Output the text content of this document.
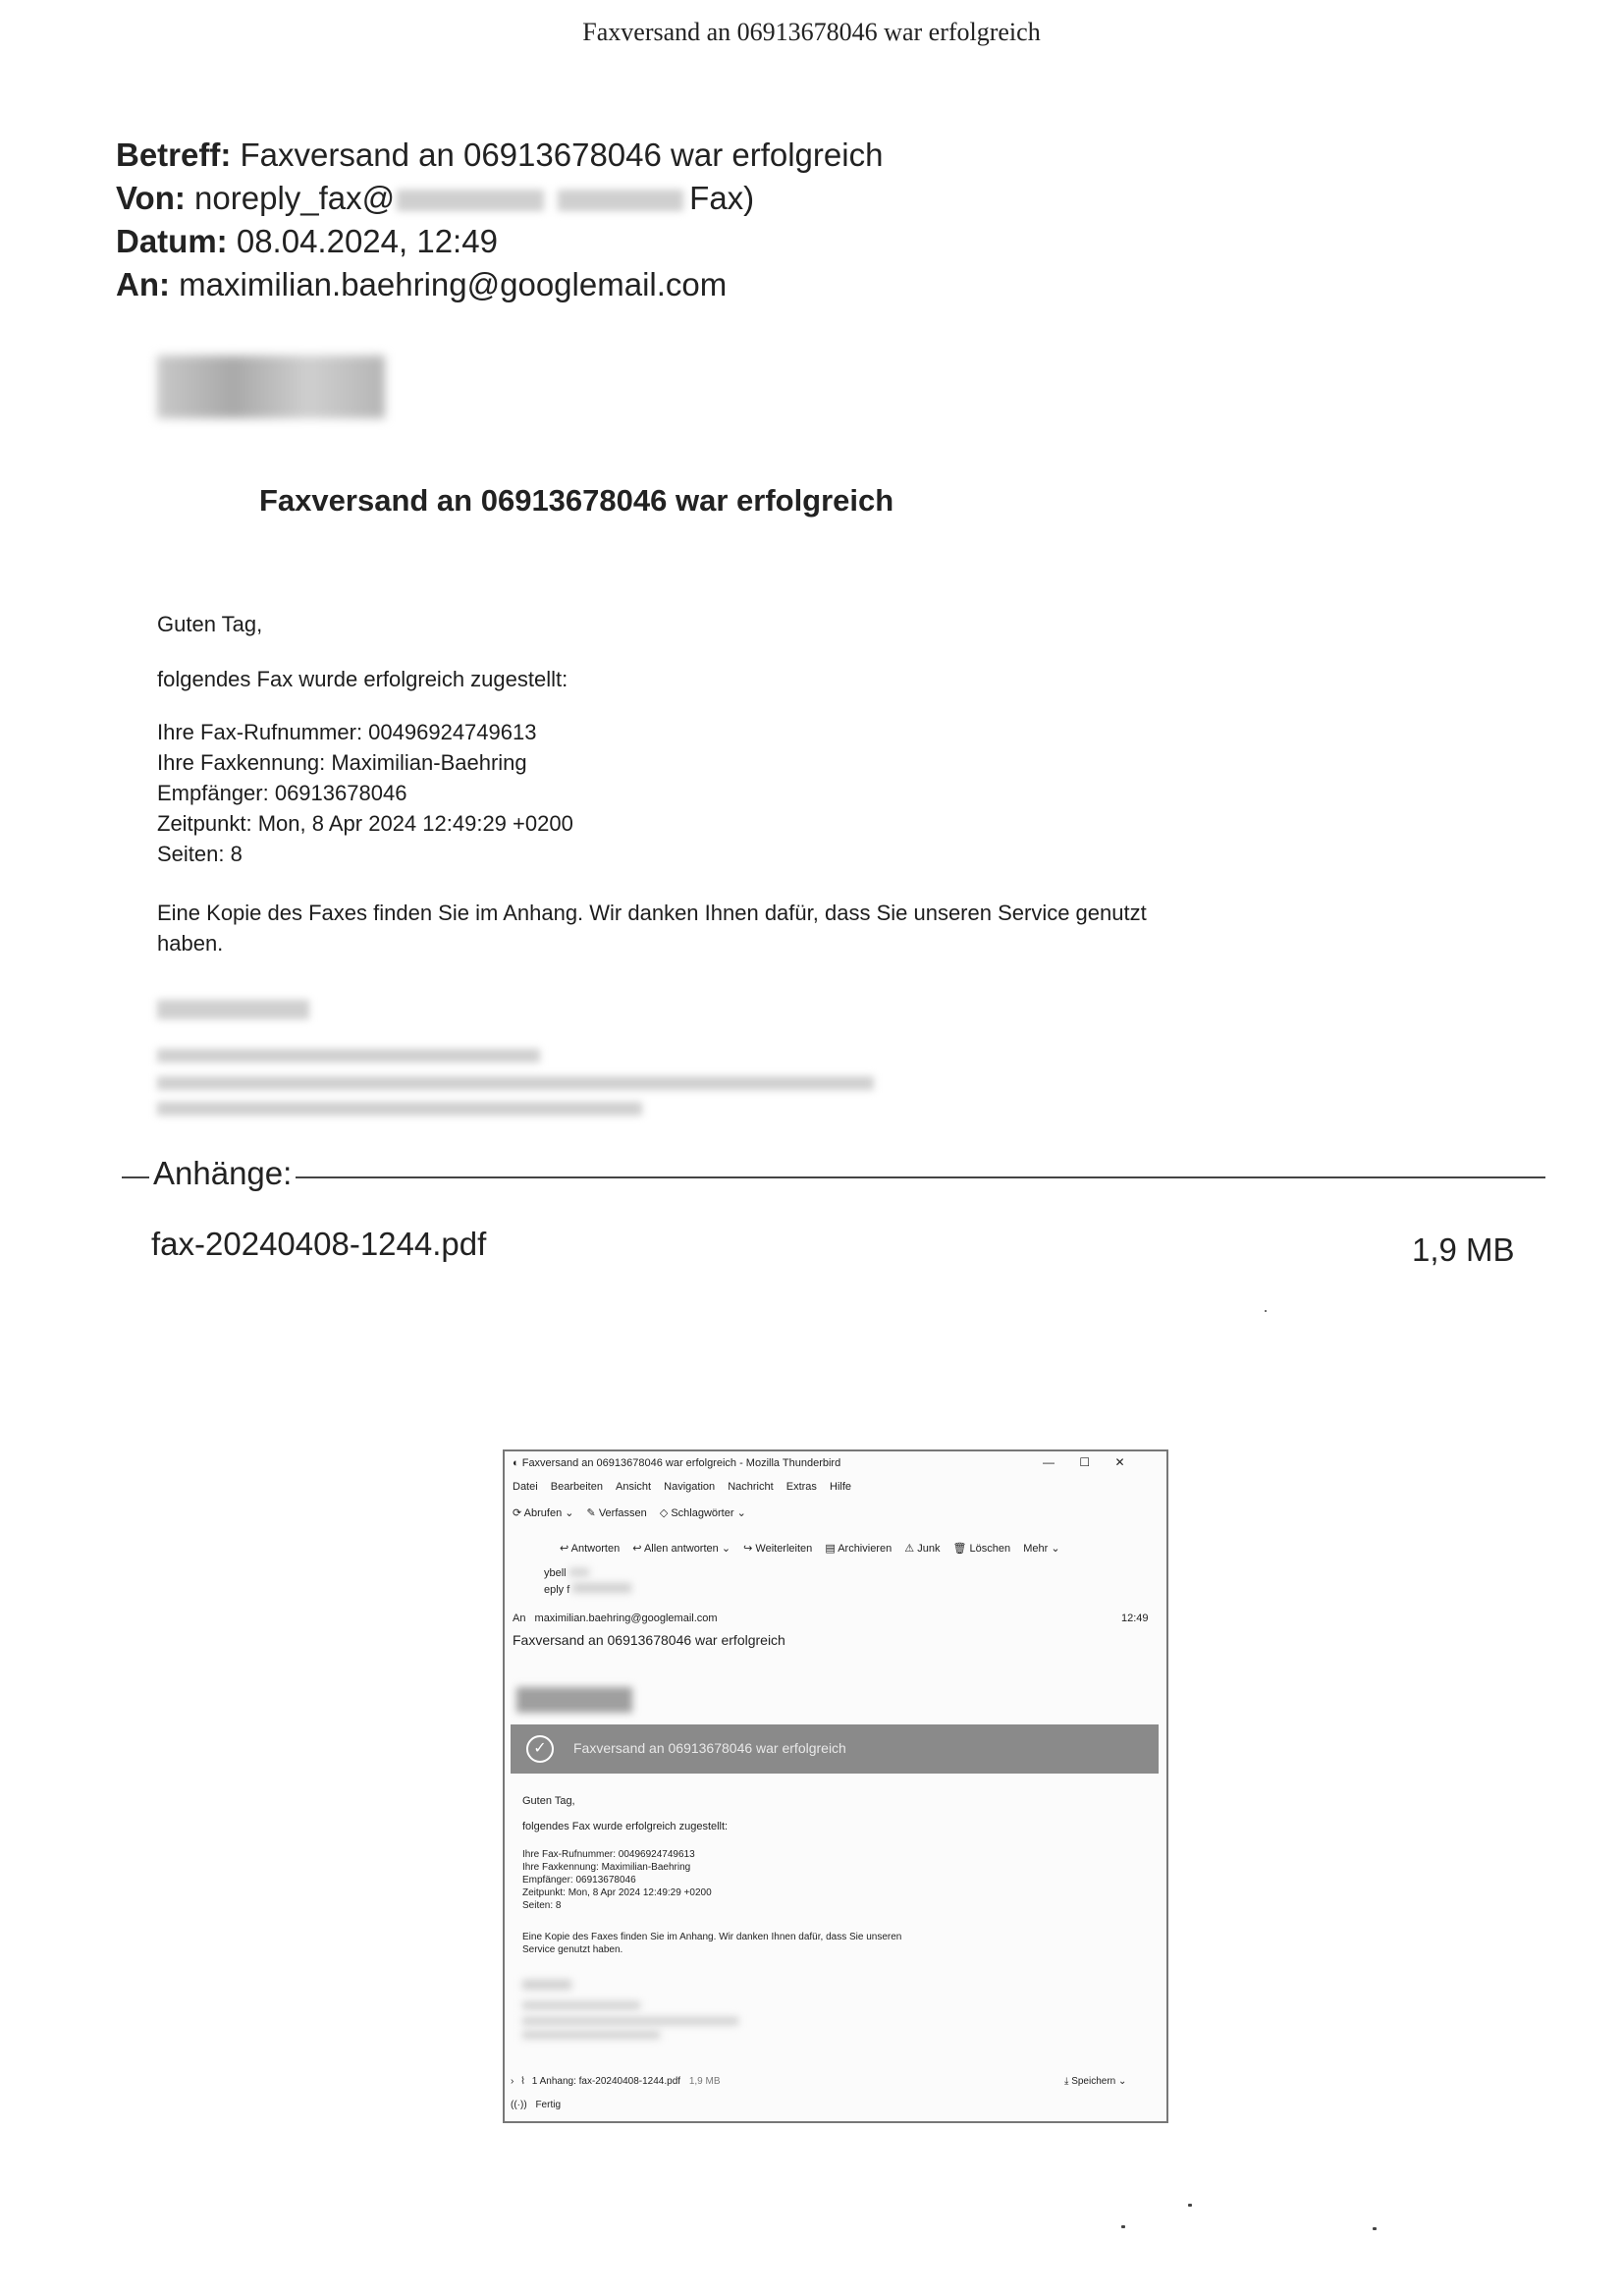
Faxversand an 06913678046 war erfolgreich
Betreff: Faxversand an 06913678046 war erfolgreich
Von: noreply_fax@	Fax)
Datum: 08.04.2024, 12:49
An: maximilian.baehring@googlemail.com
Faxversand an 06913678046 war erfolgreich
Guten Tag,
folgendes Fax wurde erfolgreich zugestellt:
Ihre Fax-Rufnummer: 00496924749613
Ihre Faxkennung: Maximilian-Baehring
Empfänger: 06913678046
Zeitpunkt: Mon, 8 Apr 2024 12:49:29 +0200
Seiten: 8
Eine Kopie des Faxes finden Sie im Anhang. Wir danken Ihnen dafür, dass Sie unseren Service genutzt
haben.
Anhänge:
fax-20240408-1244.pdf	1,9 MB
◐ Faxversand an 06913678046 war erfolgreich - Mozilla Thunderbird	— ☐ ✕
Datei Bearbeiten Ansicht Navigation Nachricht Extras Hilfe
⟳ Abrufen ⌄ ✎ Verfassen ◇ Schlagwörter ⌄
↩ Antworten ↩ Allen antworten ⌄ ↪ Weiterleiten ▤ Archivieren ⚠ Junk 🗑 Löschen Mehr ⌄
ybell
eply f
An maximilian.baehring@googlemail.com	12:49
Faxversand an 06913678046 war erfolgreich
✓	Faxversand an 06913678046 war erfolgreich
Guten Tag,
folgendes Fax wurde erfolgreich zugestellt:
Ihre Fax-Rufnummer: 00496924749613
Ihre Faxkennung: Maximilian-Baehring
Empfänger: 06913678046
Zeitpunkt: Mon, 8 Apr 2024 12:49:29 +0200
Seiten: 8
Eine Kopie des Faxes finden Sie im Anhang. Wir danken Ihnen dafür, dass Sie unseren
Service genutzt haben.
› ⌇ 1 Anhang: fax-20240408-1244.pdf 1,9 MB	⤓ Speichern ⌄
((·)) Fertig
